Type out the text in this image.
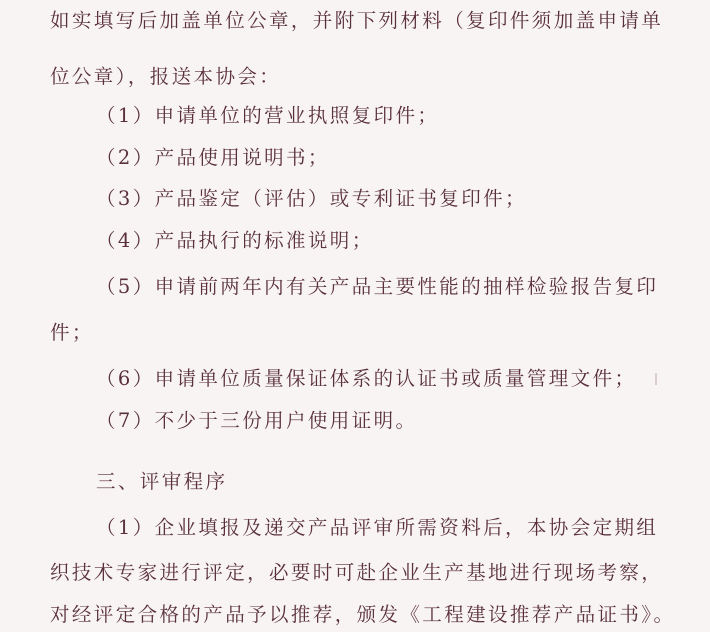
如实填写后加盖单位公章，并附下列材料（复印件须加盖申请单
位公章），报送本协会：
（1）申请单位的营业执照复印件；
（2）产品使用说明书；
（3）产品鉴定（评估）或专利证书复印件；
（4）产品执行的标准说明；
（5）申请前两年内有关产品主要性能的抽样检验报告复印
件；
（6）申请单位质量保证体系的认证书或质量管理文件；
（7）不少于三份用户使用证明。
三、评审程序
（1）企业填报及递交产品评审所需资料后，本协会定期组
织技术专家进行评定，必要时可赴企业生产基地进行现场考察，
对经评定合格的产品予以推荐，颁发《工程建设推荐产品证书》。
